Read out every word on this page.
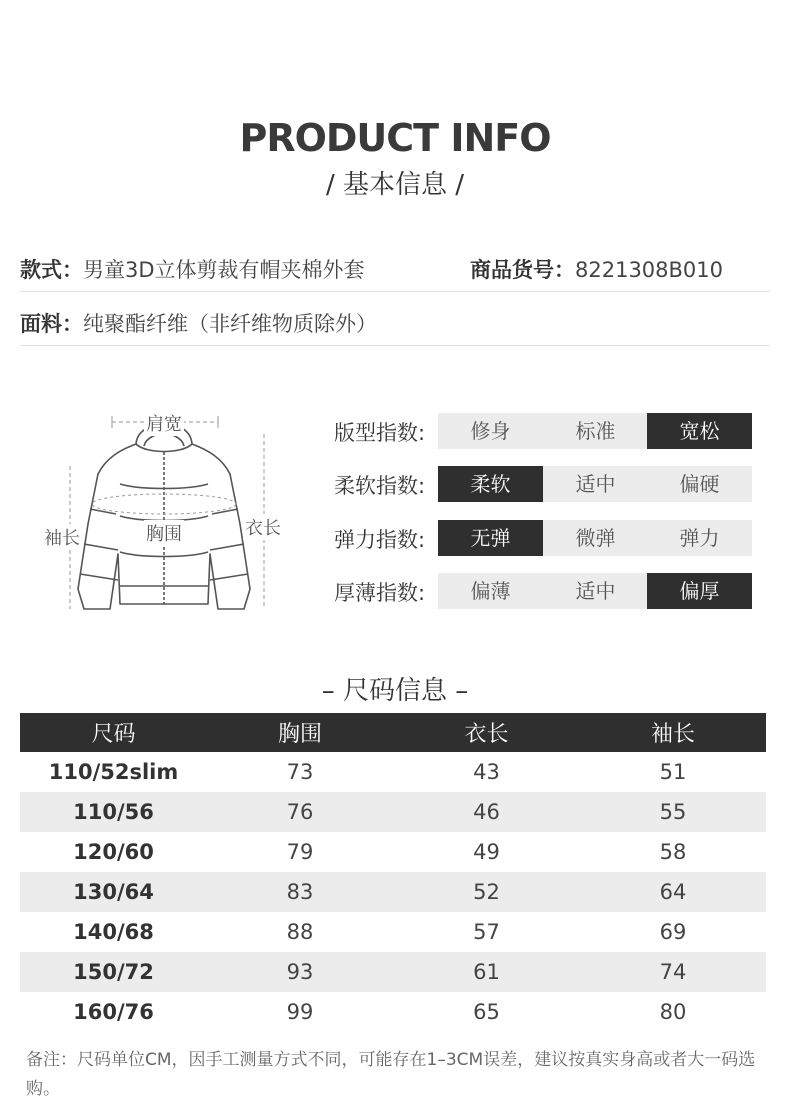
PRODUCT INFO
/ 基本信息 /
款式：男童3D立体剪裁有帽夹棉外套	商品货号：8221308B010
面料：纯聚酯纤维（非纤维物质除外）
肩宽
袖长	胸围	衣长
版型指数:	修身	标准	宽松
柔软指数:	柔软	适中	偏硬
弹力指数:	无弹	微弹	弹力
厚薄指数:	偏薄	适中	偏厚
– 尺码信息 –
尺码	胸围	衣长	袖长
110/52slim	73	43	51
110/56	76	46	55
120/60	79	49	58
130/64	83	52	64
140/68	88	57	69
150/72	93	61	74
160/76	99	65	80
备注：尺码单位CM，因手工测量方式不同，可能存在1–3CM误差，建议按真实身高或者大一码选购。
